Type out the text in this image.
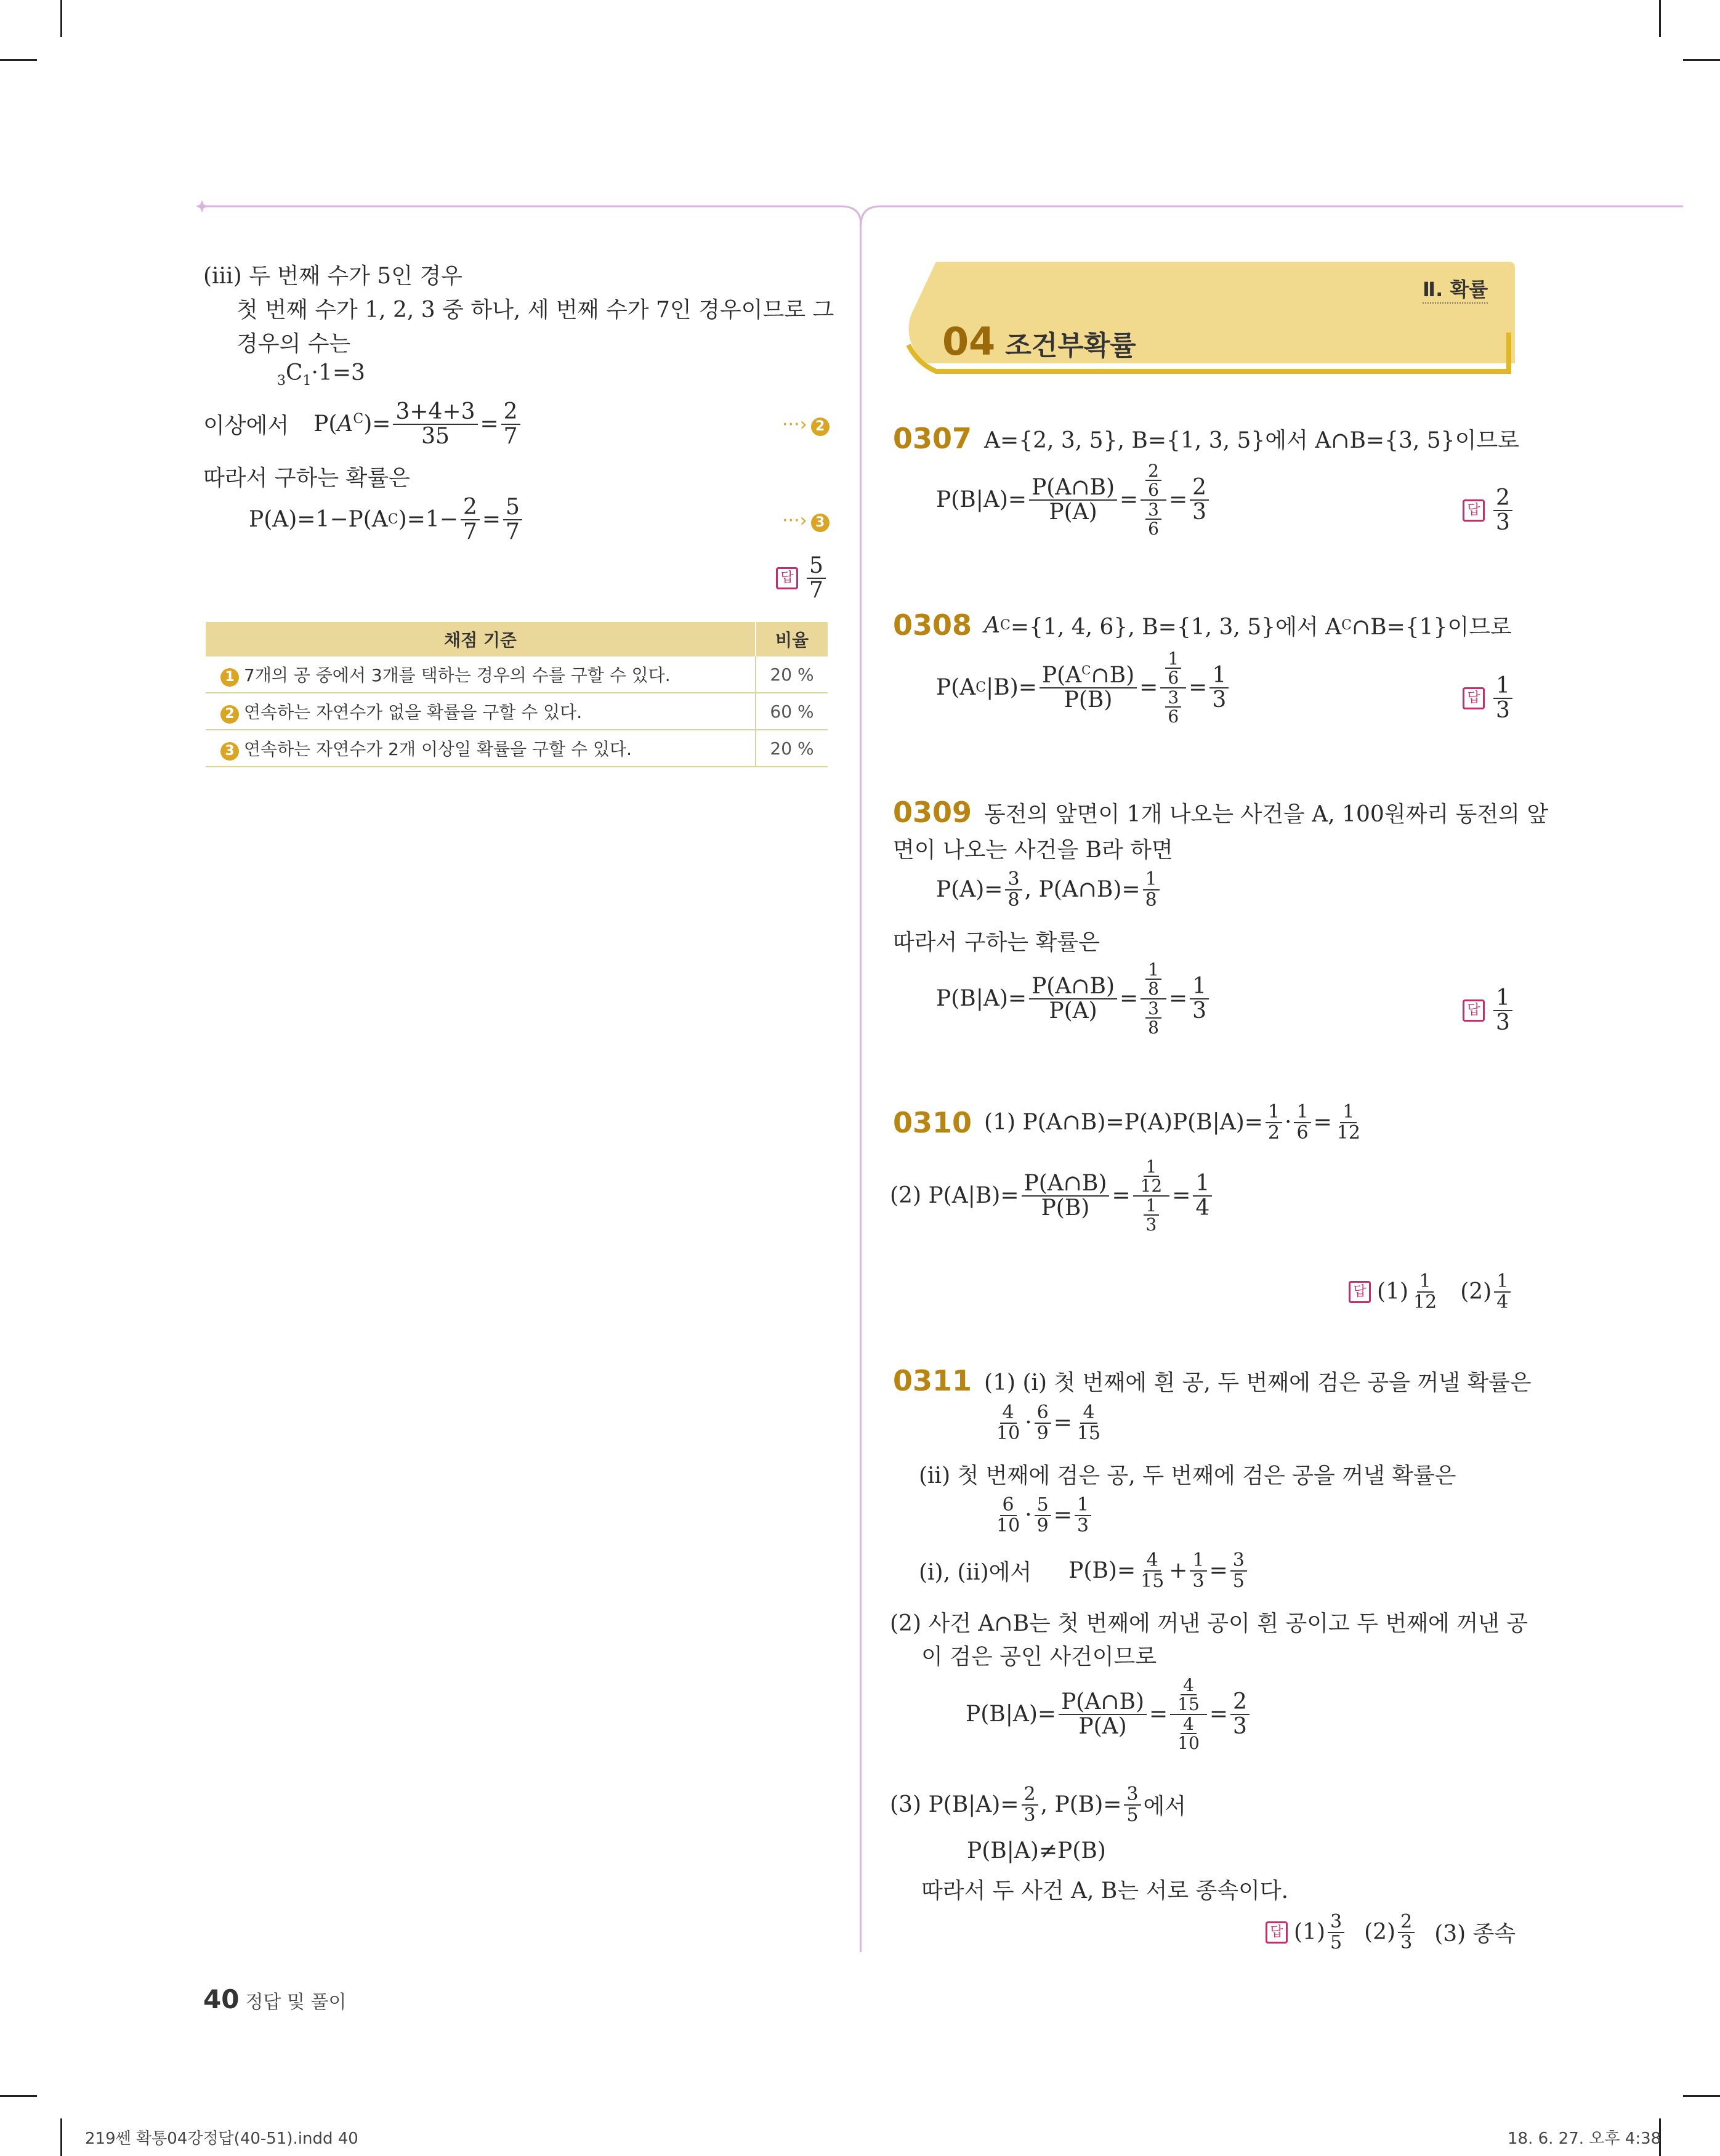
(ⅲ) 두 번째 수가 5인 경우
첫 번째 수가 1, 2, 3 중 하나, 세 번째 수가 7인 경우이므로 그
경우의 수는
$_3C_1\cdot 1=3$
이상에서 $P(A^C)= \frac{3+4+3}{35} = \frac{2}{7}$	···› 2
따라서 구하는 확률은
P(A)=1−P(A C )$=1- \frac{2}{7} = \frac{5}{7}$	···› 3
답 $\frac{5}{7}$
채점 기준	비율
1 7개의 공 중에서 3개를 택하는 경우의 수를 구할 수 있다.	20 %
2 연속하는 자연수가 없을 확률을 구할 수 있다.	60 %
3 연속하는 자연수가 2개 이상일 확률을 구할 수 있다.	20 %
Ⅱ. 확률
04 조건부확률
0307 A={2, 3, 5}, B={1, 3, 5}에서 A∩B={3, 5}이므로
$P(B|A)= \frac{P(A\cap B)}{P(A)} = \frac{\frac{2}{6}}{\frac{3}{6}} = \frac{2}{3}$	답 $\frac{2}{3}$
0308 A C ={1, 4, 6}, B={1, 3, 5}에서 A C ∩B={1}이므로
P(A C $|B)= \frac{P(A^C\cap B)}{P(B)} = \frac{\frac{1}{6}}{\frac{3}{6}} = \frac{1}{3}$	답 $\frac{1}{3}$
0309 동전의 앞면이 1개 나오는 사건을 A, 100원짜리 동전의 앞
면이 나오는 사건을 B라 하면
$P(A)= \frac{3}{8}$ , P(A∩B)= $\frac{1}{8}$
따라서 구하는 확률은
$P(B|A)= \frac{P(A\cap B)}{P(A)} = \frac{\frac{1}{8}}{\frac{3}{8}} = \frac{1}{3}$	답 $\frac{1}{3}$
0310 (1) P(A∩B)=P(A)P(B|A)= $\frac{1}{2} \cdot \frac{1}{6} = \frac{1}{12}$
(2) $P(A|B)= \frac{P(A\cap B)}{P(B)} = \frac{\frac{1}{12}}{\frac{1}{3}} = \frac{1}{4}$
답 $(1) \frac{1}{12} (2) \frac{1}{4}$
0311 (1) (ⅰ) 첫 번째에 흰 공, 두 번째에 검은 공을 꺼낼 확률은
$\frac{4}{10} \cdot \frac{6}{9} = \frac{4}{15}$
(ⅱ) 첫 번째에 검은 공, 두 번째에 검은 공을 꺼낼 확률은
$\frac{6}{10} \cdot \frac{5}{9} = \frac{1}{3}$
(ⅰ), (ⅱ)에서 $P(B)= \frac{4}{15} + \frac{1}{3} = \frac{3}{5}$
(2) 사건 A∩B는 첫 번째에 꺼낸 공이 흰 공이고 두 번째에 꺼낸 공
이 검은 공인 사건이므로
$P(B|A)= \frac{P(A\cap B)}{P(A)} = \frac{\frac{4}{15}}{\frac{4}{10}} = \frac{2}{3}$
(3) $P(B|A)= \frac{2}{3}$ , $P(B)= \frac{3}{5}$ 에서
P(B|A)≠P(B)
따라서 두 사건 A, B는 서로 종속이다.
답 $(1) \frac{3}{5} (2) \frac{2}{3} (3)$ 종속
40 정답 및 풀이
219쎈 확통04강정답(40-51).indd 40	18. 6. 27. 오후 4:38
